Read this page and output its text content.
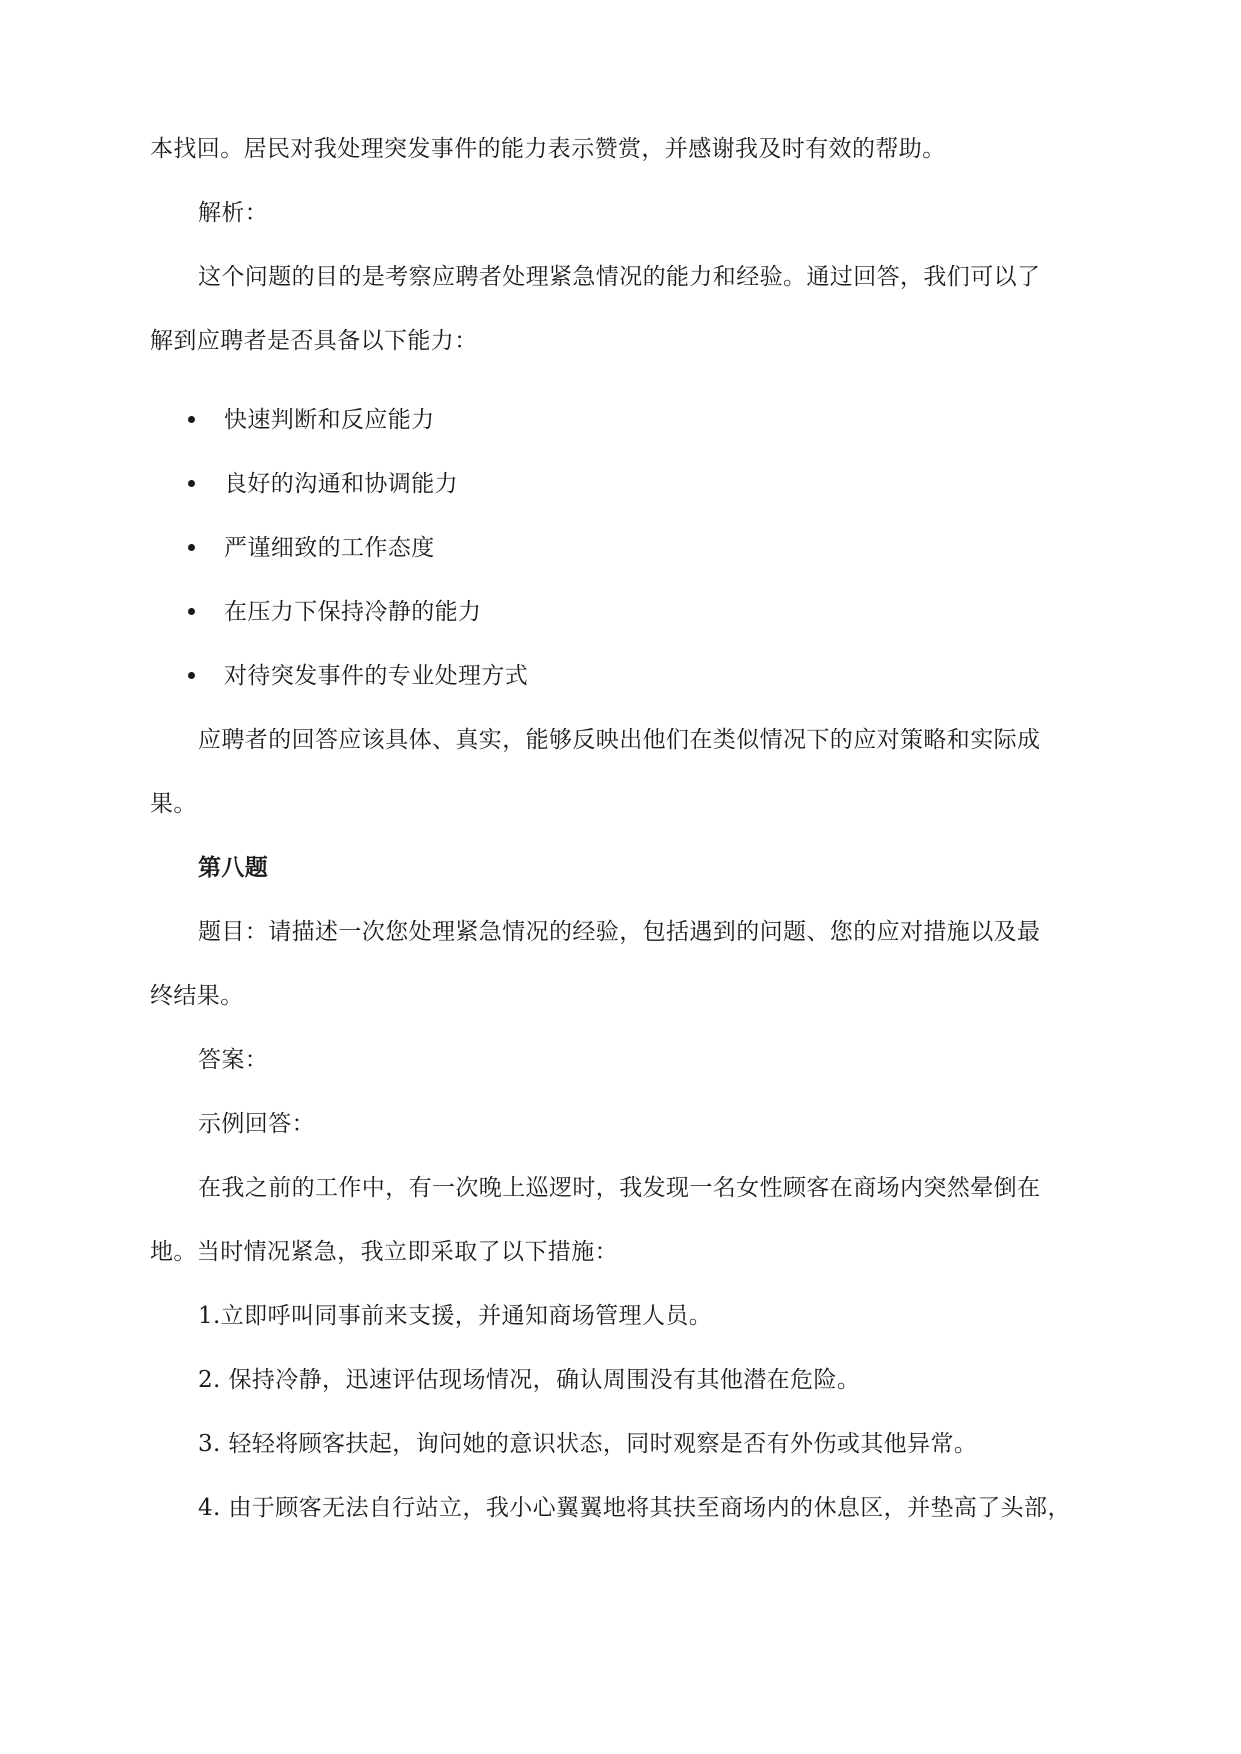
本找回。居民对我处理突发事件的能力表示赞赏，并感谢我及时有效的帮助。
解析：
这个问题的目的是考察应聘者处理紧急情况的能力和经验。通过回答，我们可以了
解到应聘者是否具备以下能力：
快速判断和反应能力
良好的沟通和协调能力
严谨细致的工作态度
在压力下保持冷静的能力
对待突发事件的专业处理方式
应聘者的回答应该具体、真实，能够反映出他们在类似情况下的应对策略和实际成
果。
第八题
题目：请描述一次您处理紧急情况的经验，包括遇到的问题、您的应对措施以及最
终结果。
答案：
示例回答：
在我之前的工作中，有一次晚上巡逻时，我发现一名女性顾客在商场内突然晕倒在
地。当时情况紧急，我立即采取了以下措施：
1.立即呼叫同事前来支援，并通知商场管理人员。
2. 保持冷静，迅速评估现场情况，确认周围没有其他潜在危险。
3. 轻轻将顾客扶起，询问她的意识状态，同时观察是否有外伤或其他异常。
4. 由于顾客无法自行站立，我小心翼翼地将其扶至商场内的休息区，并垫高了头部，
